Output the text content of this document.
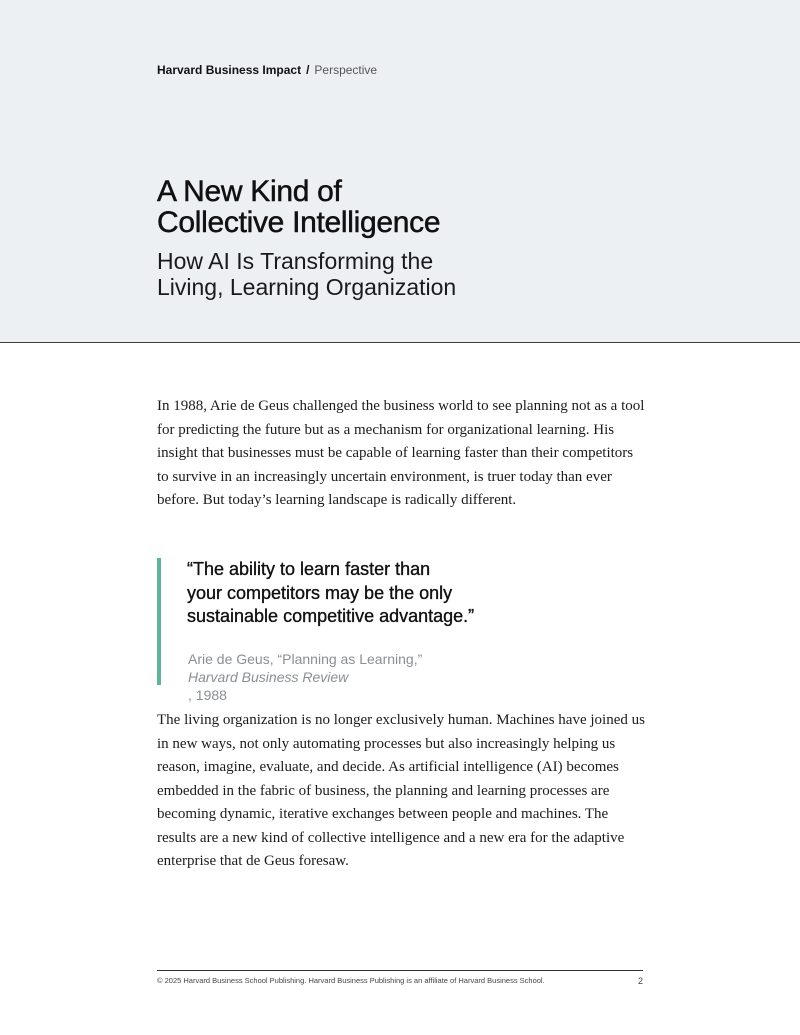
Harvard Business Impact / Perspective
A New Kind of
Collective Intelligence
How AI Is Transforming the
Living, Learning Organization

In 1988, Arie de Geus challenged the business world to see planning not as a tool for predicting the future but as a mechanism for organizational learning. His insight that businesses must be capable of learning faster than their competitors to survive in an increasingly uncertain environment, is truer today than ever before. But today’s learning landscape is radically different.

“The ability to learn faster than
your competitors may be the only
sustainable competitive advantage.”

Arie de Geus, “Planning as Learning,”
Harvard Business Review
, 1988

The living organization is no longer exclusively human. Machines have joined us in new ways, not only automating processes but also increasingly helping us reason, imagine, evaluate, and decide. As artificial intelligence (AI) becomes embedded in the fabric of business, the planning and learning processes are becoming dynamic, iterative exchanges between people and machines. The results are a new kind of collective intelligence and a new era for the adaptive enterprise that de Geus foresaw.

© 2025 Harvard Business School Publishing. Harvard Business Publishing is an affiliate of Harvard Business School.	2
